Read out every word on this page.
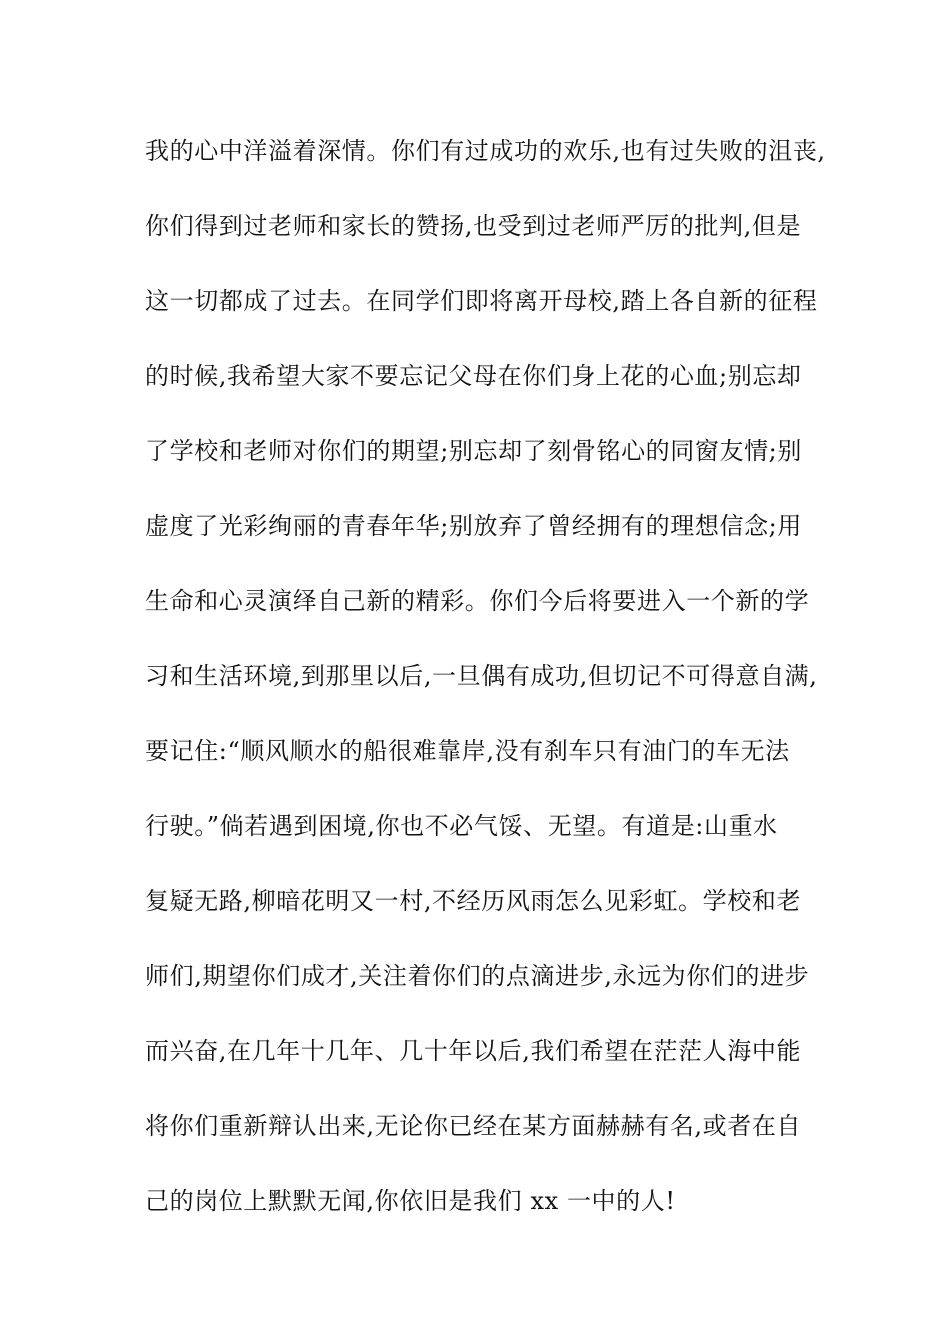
我的心中洋溢着深情。你们有过成功的欢乐,也有过失败的沮丧,
你们得到过老师和家长的赞扬,也受到过老师严厉的批判,但是
这一切都成了过去。在同学们即将离开母校,踏上各自新的征程
的时候,我希望大家不要忘记父母在你们身上花的心血;别忘却
了学校和老师对你们的期望;别忘却了刻骨铭心的同窗友情;别
虚度了光彩绚丽的青春年华;别放弃了曾经拥有的理想信念;用
生命和心灵演绎自己新的精彩。你们今后将要进入一个新的学
习和生活环境,到那里以后,一旦偶有成功,但切记不可得意自满,
要记住:“顺风顺水的船很难靠岸,没有刹车只有油门的车无法
行驶。”倘若遇到困境,你也不必气馁、无望。有道是:山重水
复疑无路,柳暗花明又一村,不经历风雨怎么见彩虹。学校和老
师们,期望你们成才,关注着你们的点滴进步,永远为你们的进步
而兴奋,在几年十几年、几十年以后,我们希望在茫茫人海中能
将你们重新辩认出来,无论你已经在某方面赫赫有名,或者在自
己的岗位上默默无闻,你依旧是我们 xx 一中的人!
